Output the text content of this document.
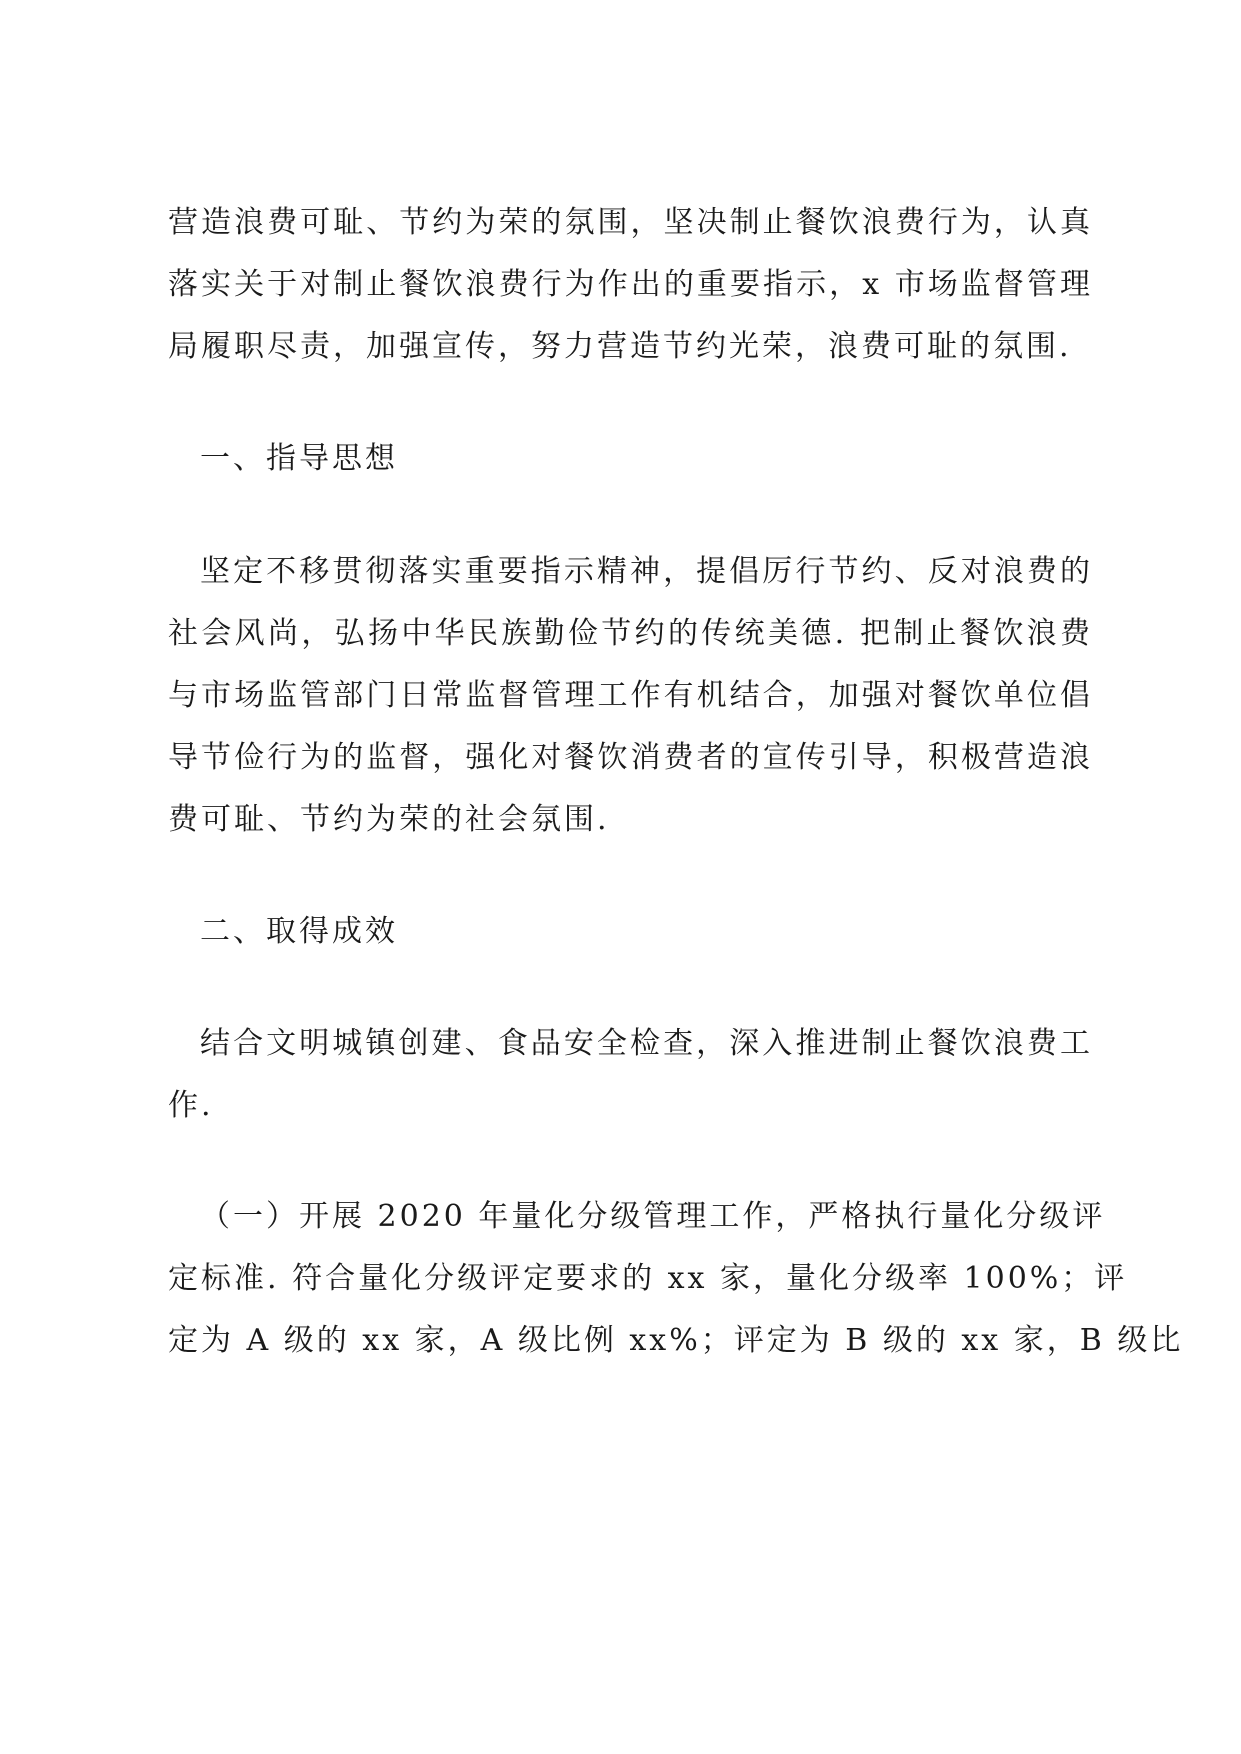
营造浪费可耻、节约为荣的氛围，坚决制止餐饮浪费行为，认真
落实关于对制止餐饮浪费行为作出的重要指示，x 市场监督管理
局履职尽责，加强宣传，努力营造节约光荣，浪费可耻的氛围.
一、指导思想
坚定不移贯彻落实重要指示精神，提倡厉行节约、反对浪费的
社会风尚，弘扬中华民族勤俭节约的传统美德. 把制止餐饮浪费
与市场监管部门日常监督管理工作有机结合，加强对餐饮单位倡
导节俭行为的监督，强化对餐饮消费者的宣传引导，积极营造浪
费可耻、节约为荣的社会氛围.
二、取得成效
结合文明城镇创建、食品安全检查，深入推进制止餐饮浪费工
作.
（一）开展 2020 年量化分级管理工作，严格执行量化分级评
定标准. 符合量化分级评定要求的 xx 家，量化分级率 100%；评
定为 A 级的 xx 家，A 级比例 xx%；评定为 B 级的 xx 家，B 级比
